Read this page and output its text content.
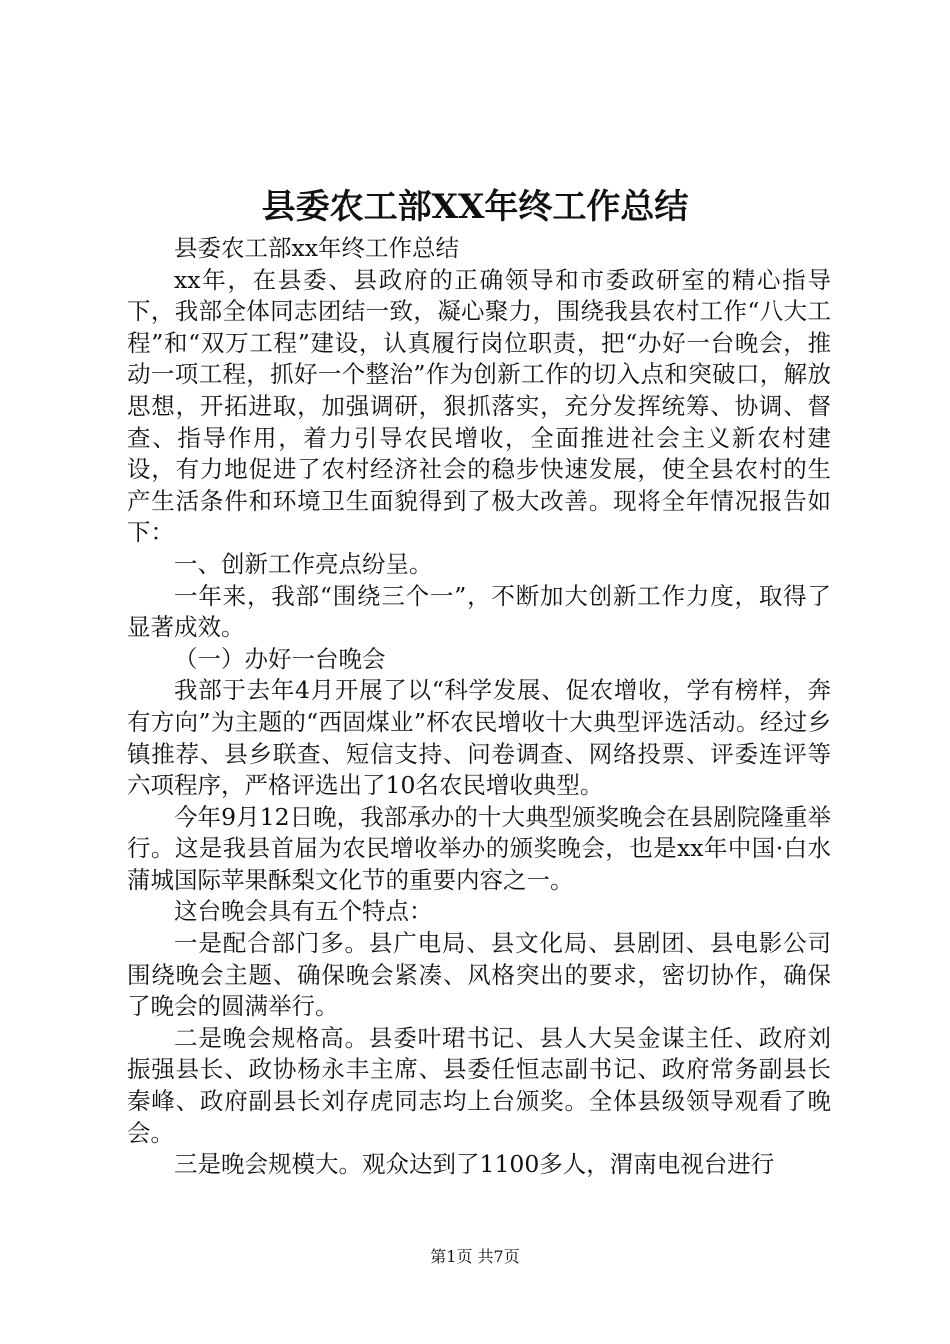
县委农工部XX年终工作总结

县委农工部xx年终工作总结

xx年，在县委、县政府的正确领导和市委政研室的精心指导下，我部全体同志团结一致，凝心聚力，围绕我县农村工作“八大工程”和“双万工程”建设，认真履行岗位职责，把“办好一台晚会，推动一项工程，抓好一个整治”作为创新工作的切入点和突破口，解放思想，开拓进取，加强调研，狠抓落实，充分发挥统筹、协调、督查、指导作用，着力引导农民增收，全面推进社会主义新农村建设，有力地促进了农村经济社会的稳步快速发展，使全县农村的生产生活条件和环境卫生面貌得到了极大改善。现将全年情况报告如下：

一、创新工作亮点纷呈。

一年来，我部“围绕三个一”，不断加大创新工作力度，取得了显著成效。

（一）办好一台晚会

我部于去年4月开展了以“科学发展、促农增收，学有榜样，奔有方向”为主题的“西固煤业”杯农民增收十大典型评选活动。经过乡镇推荐、县乡联查、短信支持、问卷调查、网络投票、评委连评等六项程序，严格评选出了10名农民增收典型。

今年9月12日晚，我部承办的十大典型颁奖晚会在县剧院隆重举行。这是我县首届为农民增收举办的颁奖晚会，也是xx年中国·白水蒲城国际苹果酥梨文化节的重要内容之一。

这台晚会具有五个特点：

一是配合部门多。县广电局、县文化局、县剧团、县电影公司围绕晚会主题、确保晚会紧凑、风格突出的要求，密切协作，确保了晚会的圆满举行。

二是晚会规格高。县委叶珺书记、县人大吴金谋主任、政府刘振强县长、政协杨永丰主席、县委任恒志副书记、政府常务副县长秦峰、政府副县长刘存虎同志均上台颁奖。全体县级领导观看了晚会。

三是晚会规模大。观众达到了1100多人，渭南电视台进行

第1页 共7页
